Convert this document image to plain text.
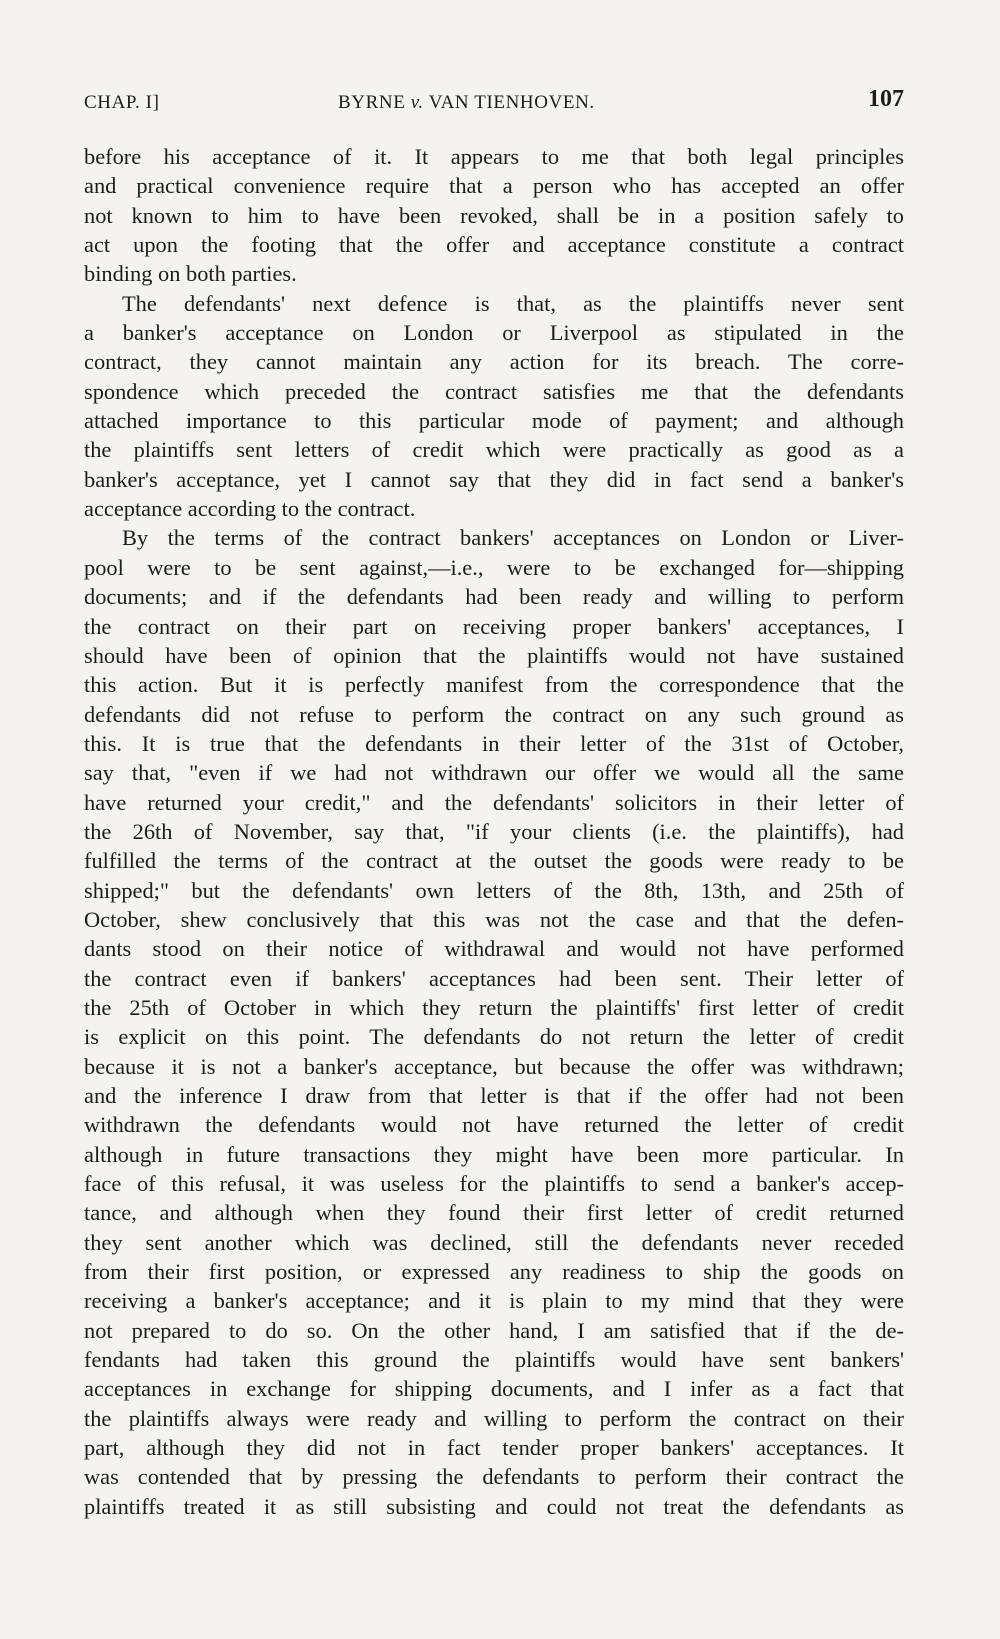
CHAP. I]	BYRNE v. VAN TIENHOVEN.	107
before his acceptance of it. It appears to me that both legal principles
and practical convenience require that a person who has accepted an offer
not known to him to have been revoked, shall be in a position safely to
act upon the footing that the offer and acceptance constitute a contract
binding on both parties.
The defendants' next defence is that, as the plaintiffs never sent
a banker's acceptance on London or Liverpool as stipulated in the
contract, they cannot maintain any action for its breach. The corre-
spondence which preceded the contract satisfies me that the defendants
attached importance to this particular mode of payment; and although
the plaintiffs sent letters of credit which were practically as good as a
banker's acceptance, yet I cannot say that they did in fact send a banker's
acceptance according to the contract.
By the terms of the contract bankers' acceptances on London or Liver-
pool were to be sent against,—i.e., were to be exchanged for—shipping
documents; and if the defendants had been ready and willing to perform
the contract on their part on receiving proper bankers' acceptances, I
should have been of opinion that the plaintiffs would not have sustained
this action. But it is perfectly manifest from the correspondence that the
defendants did not refuse to perform the contract on any such ground as
this. It is true that the defendants in their letter of the 31st of October,
say that, "even if we had not withdrawn our offer we would all the same
have returned your credit," and the defendants' solicitors in their letter of
the 26th of November, say that, "if your clients (i.e. the plaintiffs), had
fulfilled the terms of the contract at the outset the goods were ready to be
shipped;" but the defendants' own letters of the 8th, 13th, and 25th of
October, shew conclusively that this was not the case and that the defen-
dants stood on their notice of withdrawal and would not have performed
the contract even if bankers' acceptances had been sent. Their letter of
the 25th of October in which they return the plaintiffs' first letter of credit
is explicit on this point. The defendants do not return the letter of credit
because it is not a banker's acceptance, but because the offer was withdrawn;
and the inference I draw from that letter is that if the offer had not been
withdrawn the defendants would not have returned the letter of credit
although in future transactions they might have been more particular. In
face of this refusal, it was useless for the plaintiffs to send a banker's accep-
tance, and although when they found their first letter of credit returned
they sent another which was declined, still the defendants never receded
from their first position, or expressed any readiness to ship the goods on
receiving a banker's acceptance; and it is plain to my mind that they were
not prepared to do so. On the other hand, I am satisfied that if the de-
fendants had taken this ground the plaintiffs would have sent bankers'
acceptances in exchange for shipping documents, and I infer as a fact that
the plaintiffs always were ready and willing to perform the contract on their
part, although they did not in fact tender proper bankers' acceptances. It
was contended that by pressing the defendants to perform their contract the
plaintiffs treated it as still subsisting and could not treat the defendants as
